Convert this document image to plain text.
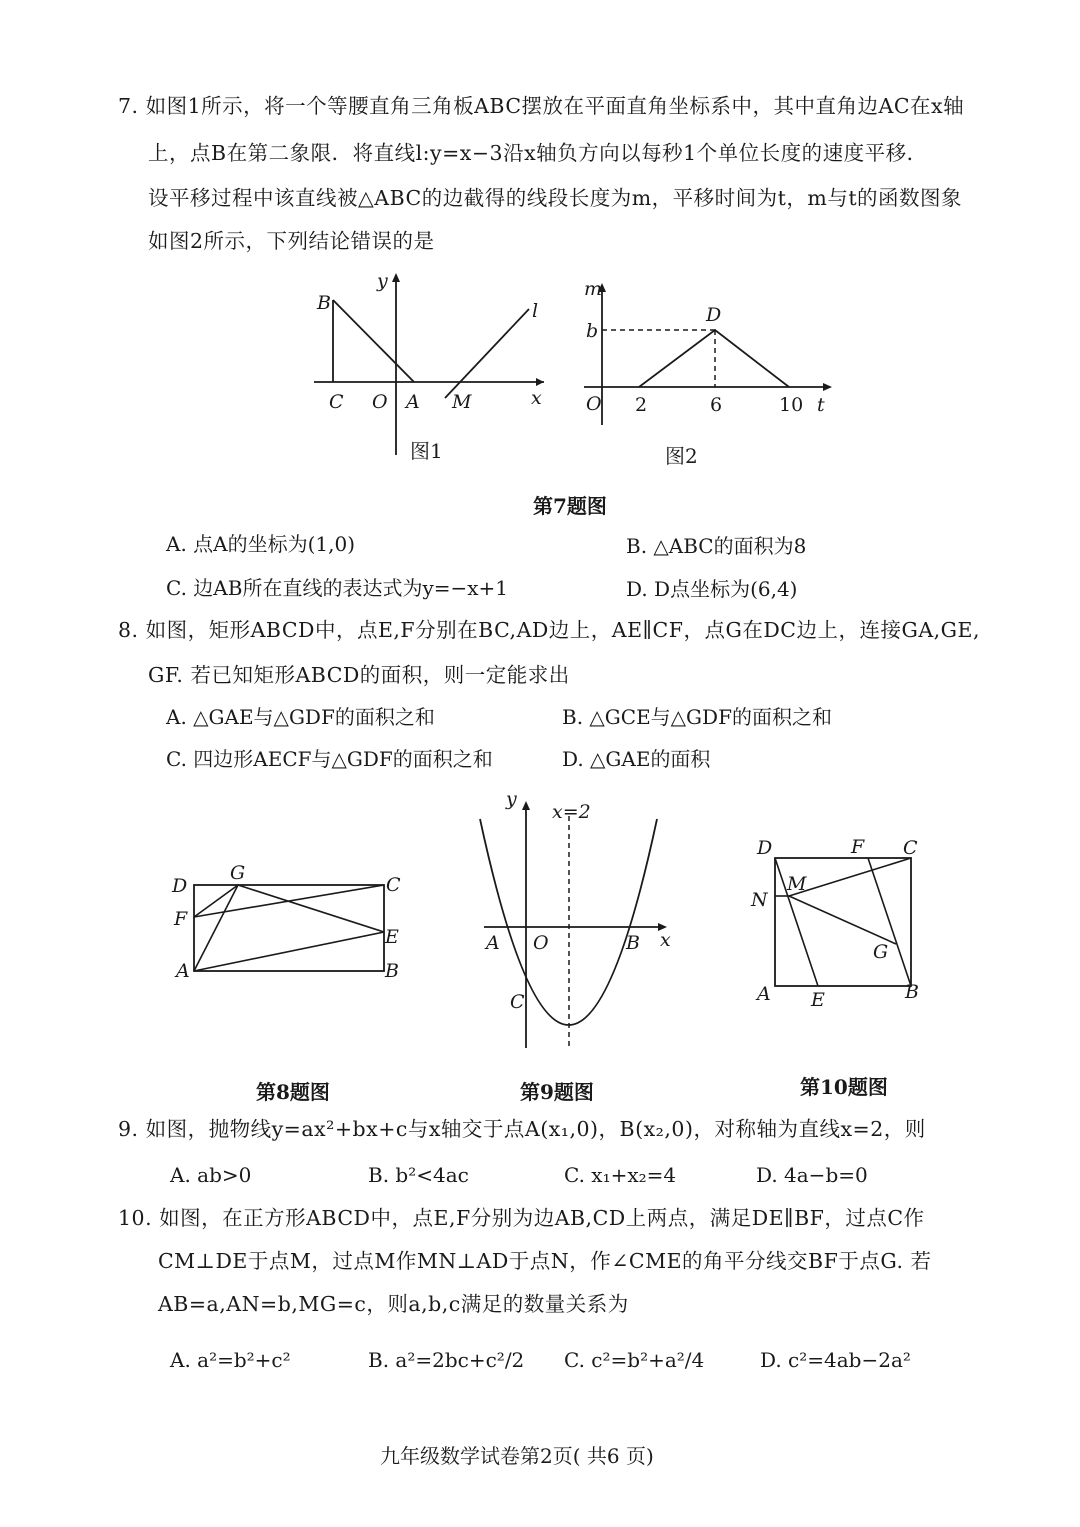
7. 如图1所示，将一个等腰直角三角板ABC摆放在平面直角坐标系中，其中直角边AC在x轴
上，点B在第二象限．将直线l:y=x−3沿x轴负方向以每秒1个单位长度的速度平移．
设平移过程中该直线被△ABC的边截得的线段长度为m，平移时间为t，m与t的函数图象
如图2所示，下列结论错误的是
B
y
l
C O A M	x
图1
m
b
D
O 2	6	10 t
图2
第7题图
A. 点A的坐标为(1,0)	B. △ABC的面积为8
C. 边AB所在直线的表达式为y=−x+1	D. D点坐标为(6,4)
8. 如图，矩形ABCD中，点E,F分别在BC,AD边上，AE∥CF，点G在DC边上，连接GA,GE,
GF. 若已知矩形ABCD的面积，则一定能求出
A. △GAE与△GDF的面积之和	B. △GCE与△GDF的面积之和
C. 四边形AECF与△GDF的面积之和	D. △GAE的面积
D
G
C
F
E
A	B
第8题图
y
x=2
A O	B x
C
第9题图
D	F C
N
M
G
A E	B
第10题图
9. 如图，抛物线y=ax²+bx+c与x轴交于点A(x₁,0)，B(x₂,0)，对称轴为直线x=2，则
A. ab>0	B. b²<4ac	C. x₁+x₂=4	D. 4a−b=0
10. 如图，在正方形ABCD中，点E,F分别为边AB,CD上两点，满足DE∥BF，过点C作
CM⊥DE于点M，过点M作MN⊥AD于点N，作∠CME的角平分线交BF于点G. 若
AB=a,AN=b,MG=c，则a,b,c满足的数量关系为
A. a²=b²+c²	B. a²=2bc+c²/2 C. c²=b²+a²/4	D. c²=4ab−2a²
九年级数学试卷第2页( 共6 页)
